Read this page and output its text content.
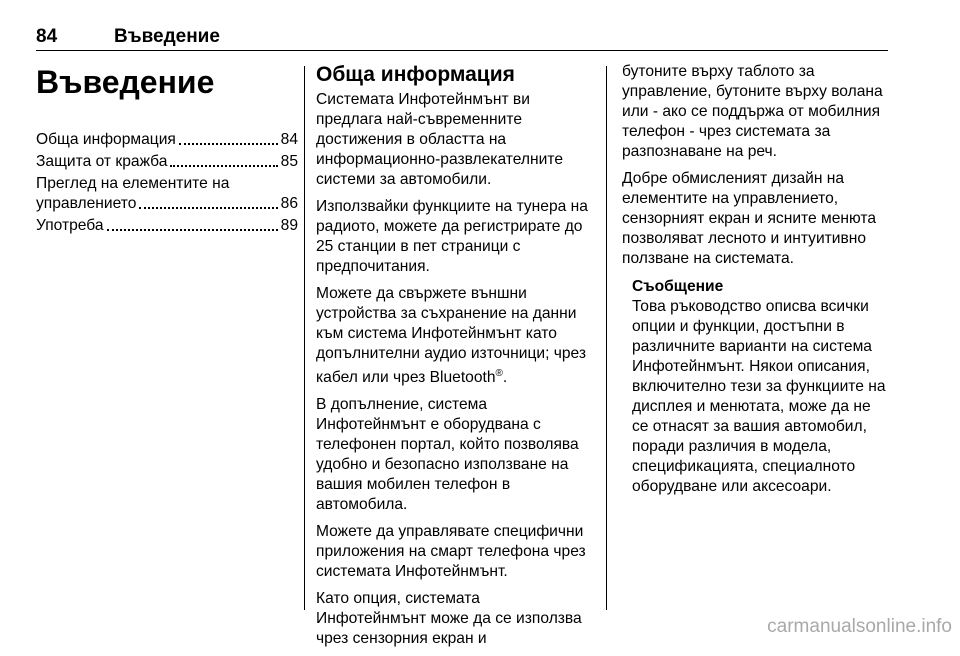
84	Въведение
Въведение
Обща информация	84
Защита от кражба	85
Преглед на елементите на
управлението	86
Употреба	89
Обща информация

Системата Инфотейнмънт ви предлага най-съвременните достижения в областта на информационно-развлекателните системи за автомобили.

Използвайки функциите на тунера на радиото, можете да регистрирате до 25 станции в пет страници с предпочитания.

Можете да свържете външни устройства за съхранение на данни към система Инфотейнмънт като допълнителни аудио източници; чрез кабел или чрез Bluetooth®.

В допълнение, система Инфотейнмънт е оборудвана с телефонен портал, който позволява удобно и безопасно използване на вашия мобилен телефон в автомобила.

Можете да управлявате специфични приложения на смарт телефона чрез системата Инфотейнмънт.

Като опция, системата Инфотейнмънт може да се използва чрез сензорния екран и

бутоните върху таблото за управление, бутоните върху волана или - ако се поддържа от мобилния телефон - чрез системата за разпознаване на реч.

Добре обмисленият дизайн на елементите на управлението, сензорният екран и ясните менюта позволяват лесното и интуитивно ползване на системата.

Съобщение
Това ръководство описва всички опции и функции, достъпни в различните варианти на система Инфотейнмънт. Някои описания, включително тези за функциите на дисплея и менютата, може да не се отнасят за вашия автомобил, поради различия в модела, спецификацията, специалното оборудване или аксесоари.
carmanualsonline.info
